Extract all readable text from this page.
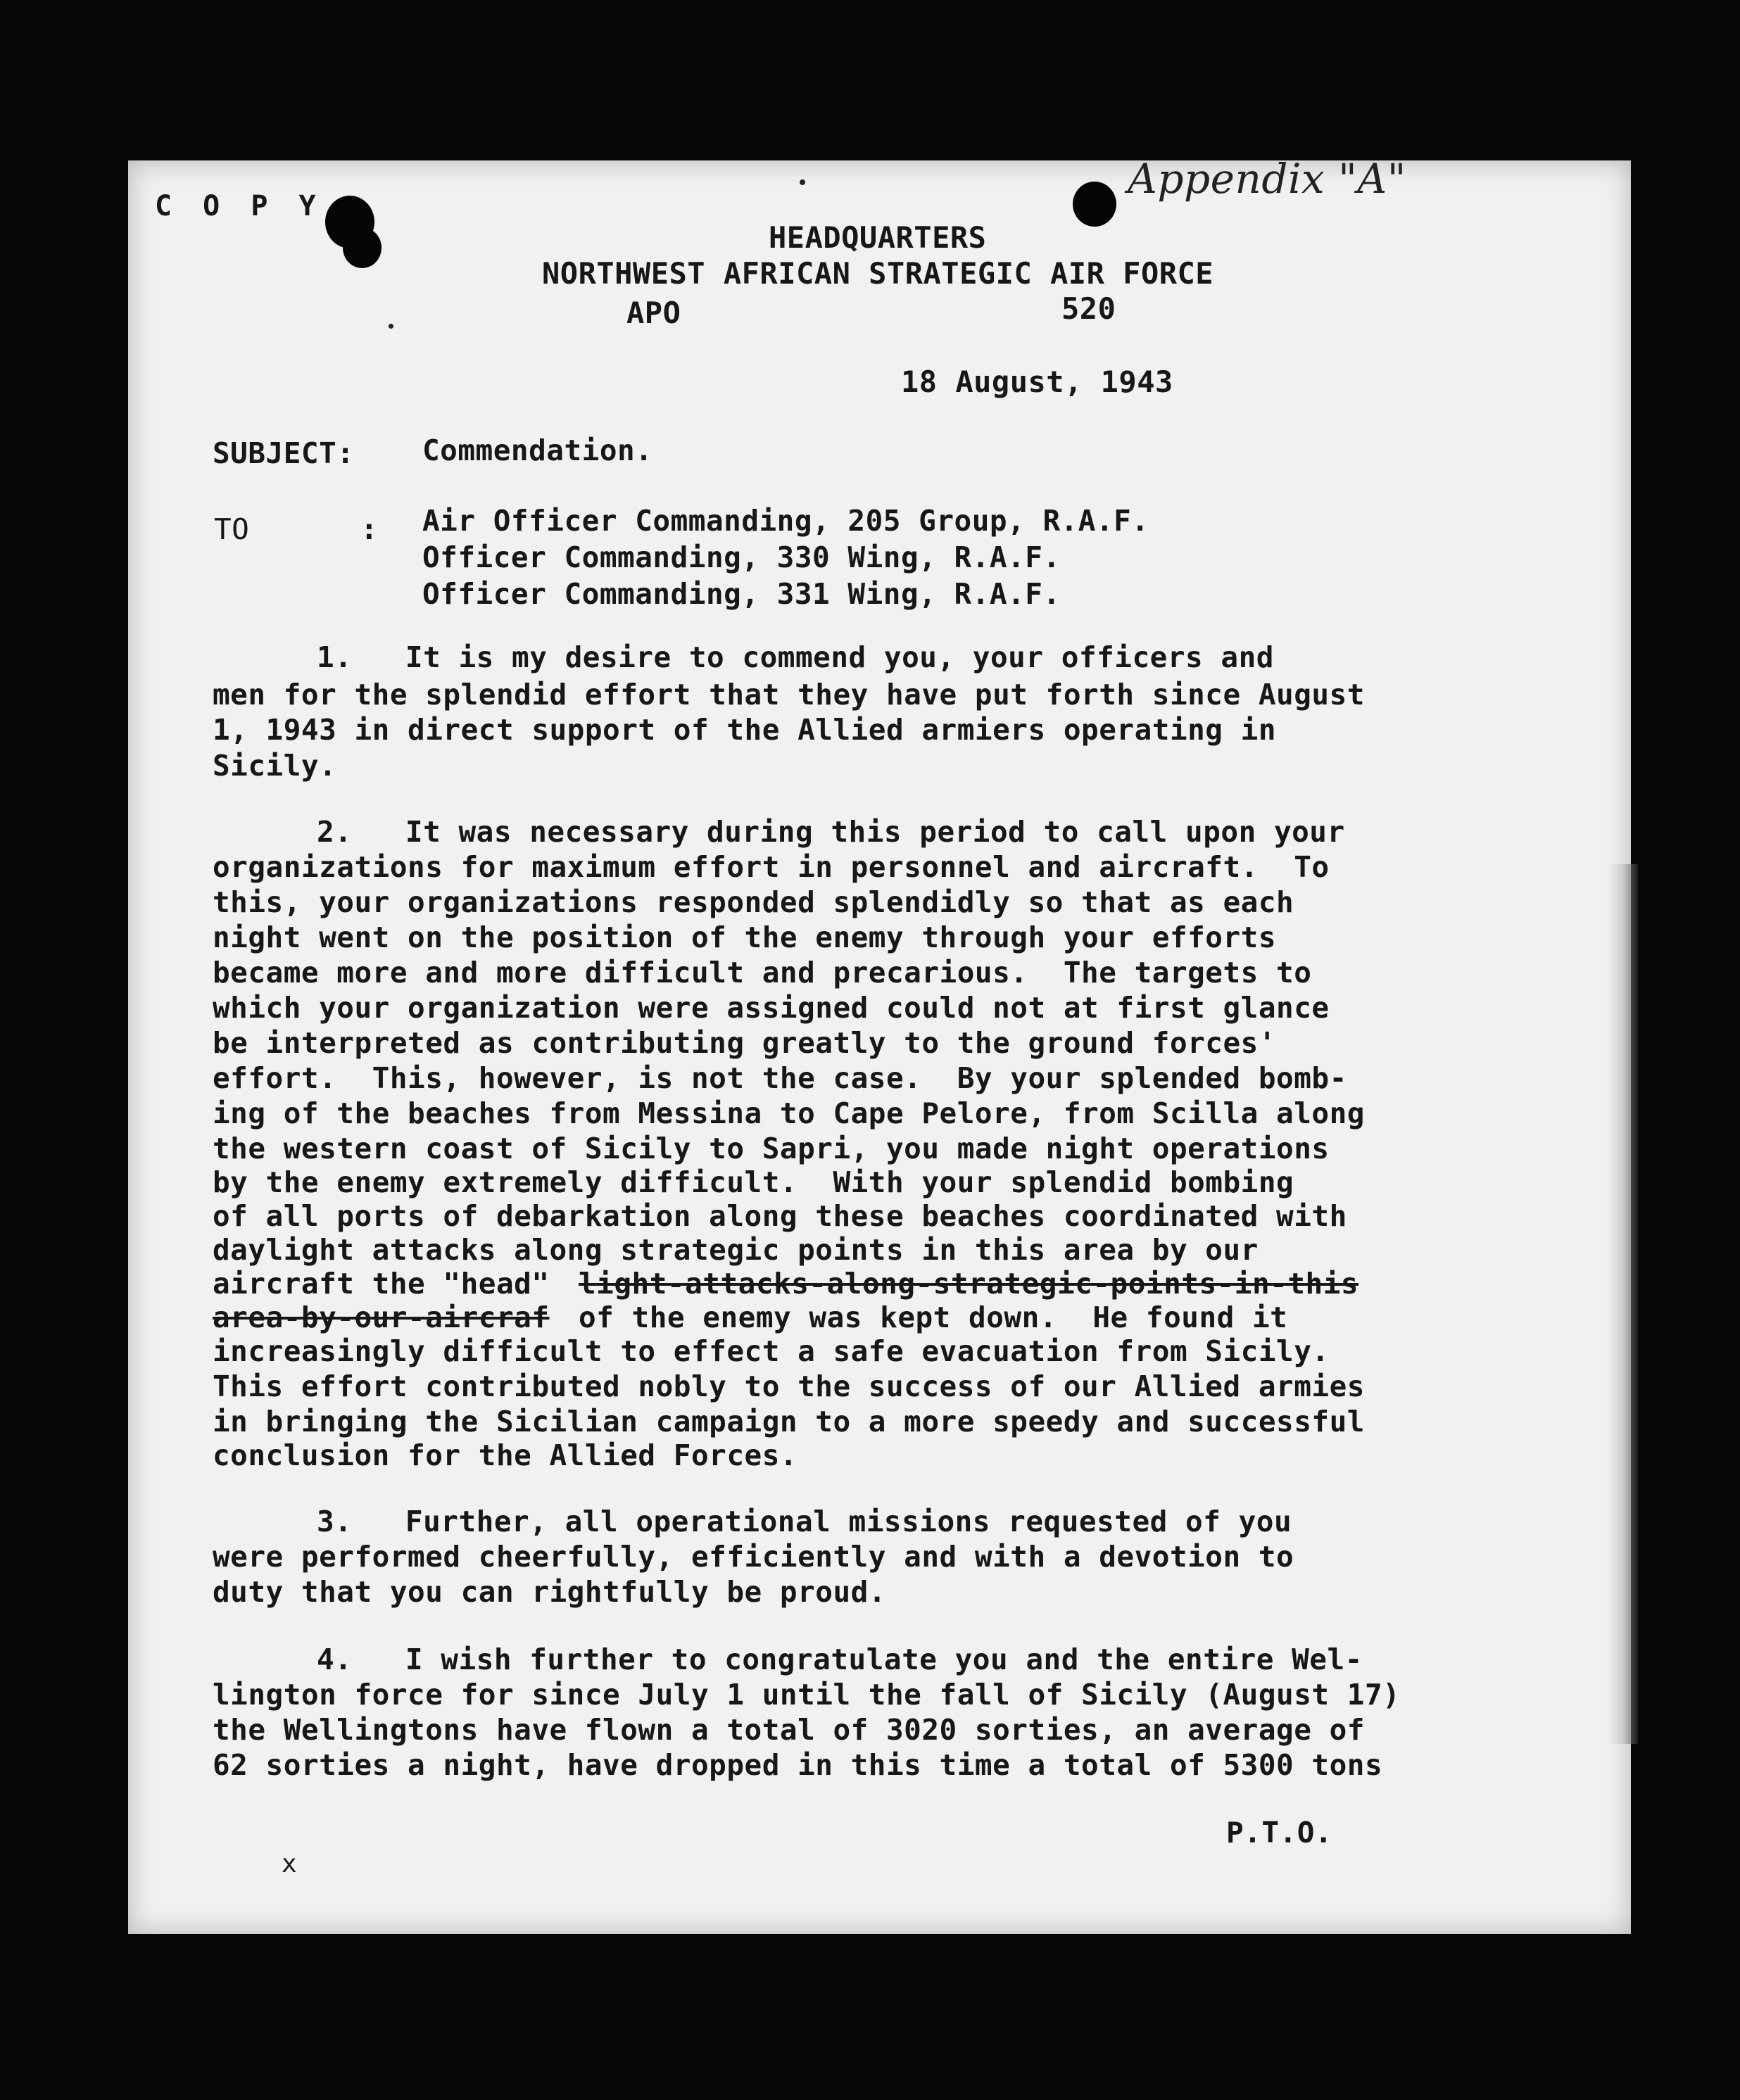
C O P Y
Appendix "A"
HEADQUARTERS
NORTHWEST AFRICAN STRATEGIC AIR FORCE
APO	520
18 August, 1943
SUBJECT: Commendation.
TO	: Air Officer Commanding, 205 Group, R.A.F.
Officer Commanding, 330 Wing, R.A.F.
Officer Commanding, 331 Wing, R.A.F.
1.   It is my desire to commend you, your officers and
men for the splendid effort that they have put forth since August
1, 1943 in direct support of the Allied armiers operating in
Sicily.
2.   It was necessary during this period to call upon your
organizations for maximum effort in personnel and aircraft.  To
this, your organizations responded splendidly so that as each
night went on the position of the enemy through your efforts
became more and more difficult and precarious.  The targets to
which your organization were assigned could not at first glance
be interpreted as contributing greatly to the ground forces'
effort.  This, however, is not the case.  By your splended bomb-
ing of the beaches from Messina to Cape Pelore, from Scilla along
the western coast of Sicily to Sapri, you made night operations
by the enemy extremely difficult.  With your splendid bombing
of all ports of debarkation along these beaches coordinated with
daylight attacks along strategic points in this area by our
aircraft the "head" light-attacks-along-strategic-points-in-this
area-by-our-aircraf of the enemy was kept down.  He found it
increasingly difficult to effect a safe evacuation from Sicily.
This effort contributed nobly to the success of our Allied armies
in bringing the Sicilian campaign to a more speedy and successful
conclusion for the Allied Forces.
3.   Further, all operational missions requested of you
were performed cheerfully, efficiently and with a devotion to
duty that you can rightfully be proud.
4.   I wish further to congratulate you and the entire Wel-
lington force for since July 1 until the fall of Sicily (August 17)
the Wellingtons have flown a total of 3020 sorties, an average of
62 sorties a night, have dropped in this time a total of 5300 tons
P.T.O.
x
